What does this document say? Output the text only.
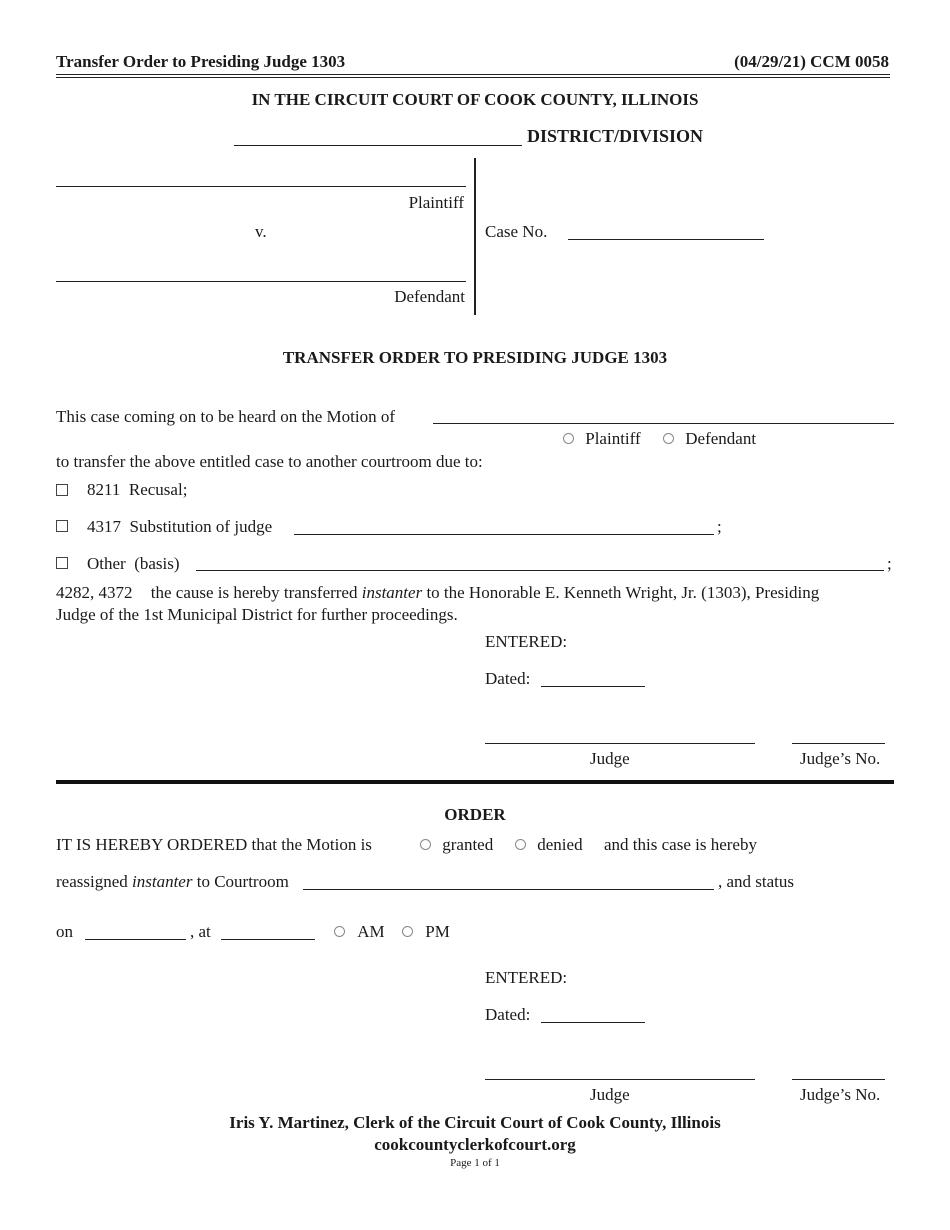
Transfer Order to Presiding Judge 1303	(04/29/21) CCM 0058
IN THE CIRCUIT COURT OF COOK COUNTY, ILLINOIS
DISTRICT/DIVISION
Plaintiff
v.
Defendant
Case No.
TRANSFER ORDER TO PRESIDING JUDGE 1303
This case coming on to be heard on the Motion of
Plaintiff	Defendant
to transfer the above entitled case to another courtroom due to:
8211 Recusal;
4317 Substitution of judge	;
Other (basis)	;
4282, 4372 the cause is hereby transferred instanter to the Honorable E. Kenneth Wright, Jr. (1303), Presiding
Judge of the 1st Municipal District for further proceedings.
ENTERED:
Dated:
Judge	Judge’s No.
ORDER
IT IS HEREBY ORDERED that the Motion is	granted	denied and this case is hereby
reassigned instanter to Courtroom	, and status
on	, at	AM	PM
ENTERED:
Dated:
Judge	Judge’s No.
Iris Y. Martinez, Clerk of the Circuit Court of Cook County, Illinois
cookcountyclerkofcourt.org
Page 1 of 1
